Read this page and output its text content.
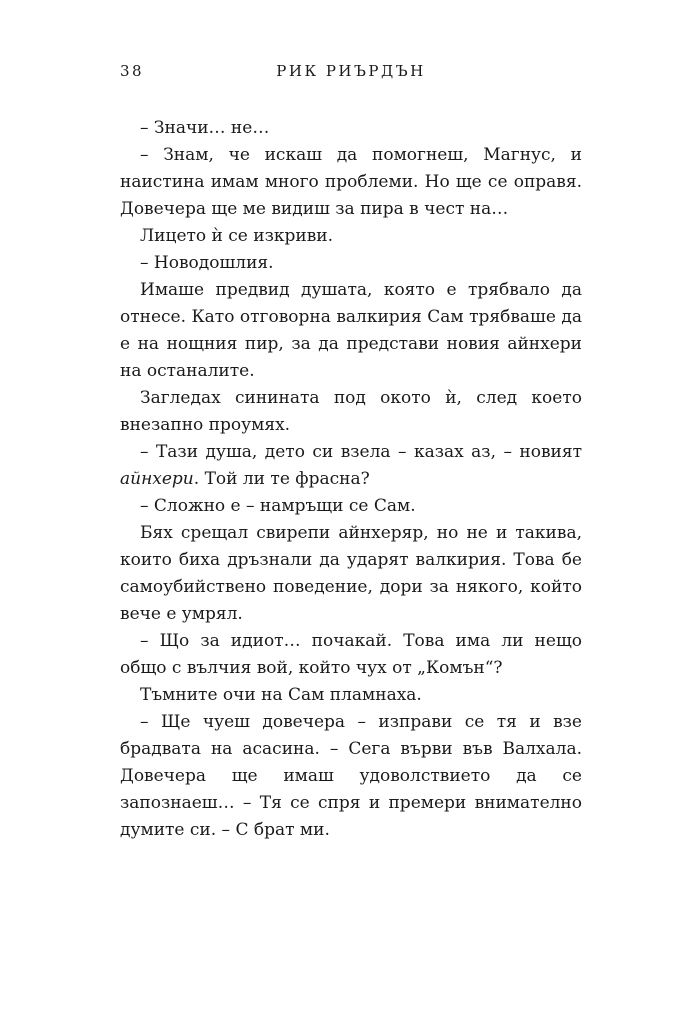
38	РИК РИЪРДЪН

– Значи… не…

– Знам, че искаш да помогнеш, Магнус, и наистина имам много проблеми. Но ще се оправя. Довечера ще ме видиш за пира в чест на…

Лицето ѝ се изкриви.

– Новодошлия.

Имаше предвид душата, която е трябвало да отнесе. Като отговорна валкирия Сам трябваше да е на нощния пир, за да представи новия айнхери на останалите.

Загледах синината под окото ѝ, след което внезапно проумях.

– Тази душа, дето си взела – казах аз, – новият айнхери. Той ли те фрасна?

– Сложно е – намръщи се Сам.

Бях срещал свирепи айнхеряр, но не и такива, които биха дръзнали да ударят валкирия. Това бе самоубийствено поведение, дори за някого, който вече е умрял.

– Що за идиот… почакай. Това има ли нещо общо с вълчия вой, който чух от „Комън“?

Тъмните очи на Сам пламнаха.

– Ще чуеш довечера – изправи се тя и взе брадвата на асасина. – Сега върви във Валхала. Довечера ще имаш удоволствието да се запознаеш… – Тя се спря и премери внимателно думите си. – С брат ми.
